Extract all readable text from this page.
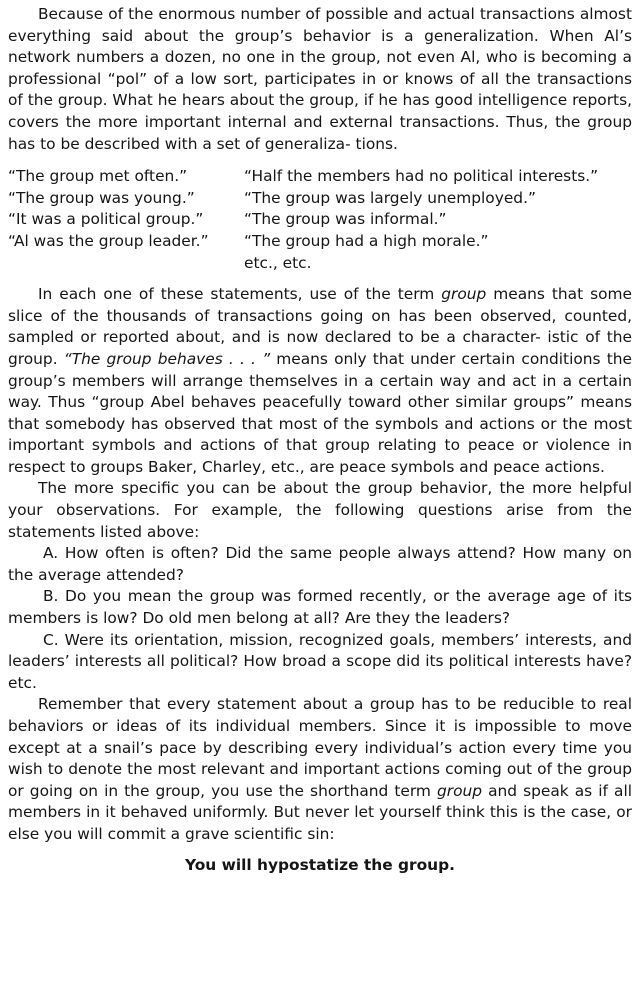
Because of the enormous number of possible and actual transactions almost everything said about the group’s behavior is a generalization. When Al’s network numbers a dozen, no one in the group, not even Al, who is becoming a professional “pol” of a low sort, participates in or knows of all the transactions of the group. What he hears about the group, if he has good intelligence reports, covers the more important internal and external transactions. Thus, the group has to be described with a set of generaliza- tions.

“The group met often.”
“The group was young.”
“It was a political group.”
“Al was the group leader.”
“Half the members had no political interests.”
“The group was largely unemployed.”
“The group was informal.”
“The group had a high morale.”
etc., etc.

In each one of these statements, use of the term group means that some slice of the thousands of transactions going on has been observed, counted, sampled or reported about, and is now declared to be a character- istic of the group. “The group behaves . . . ” means only that under certain conditions the group’s members will arrange themselves in a certain way and act in a certain way. Thus “group Abel behaves peacefully toward other similar groups” means that somebody has observed that most of the symbols and actions or the most important symbols and actions of that group relating to peace or violence in respect to groups Baker, Charley, etc., are peace symbols and peace actions.

The more specific you can be about the group behavior, the more helpful your observations. For example, the following questions arise from the statements listed above:

A. How often is often? Did the same people always attend? How many on the average attended?

B. Do you mean the group was formed recently, or the average age of its members is low? Do old men belong at all? Are they the leaders?

C. Were its orientation, mission, recognized goals, members’ interests, and leaders’ interests all political? How broad a scope did its political interests have? etc.

Remember that every statement about a group has to be reducible to real behaviors or ideas of its individual members. Since it is impossible to move except at a snail’s pace by describing every individual’s action every time you wish to denote the most relevant and important actions coming out of the group or going on in the group, you use the shorthand term group and speak as if all members in it behaved uniformly. But never let yourself think this is the case, or else you will commit a grave scientific sin:

You will hypostatize the group.
